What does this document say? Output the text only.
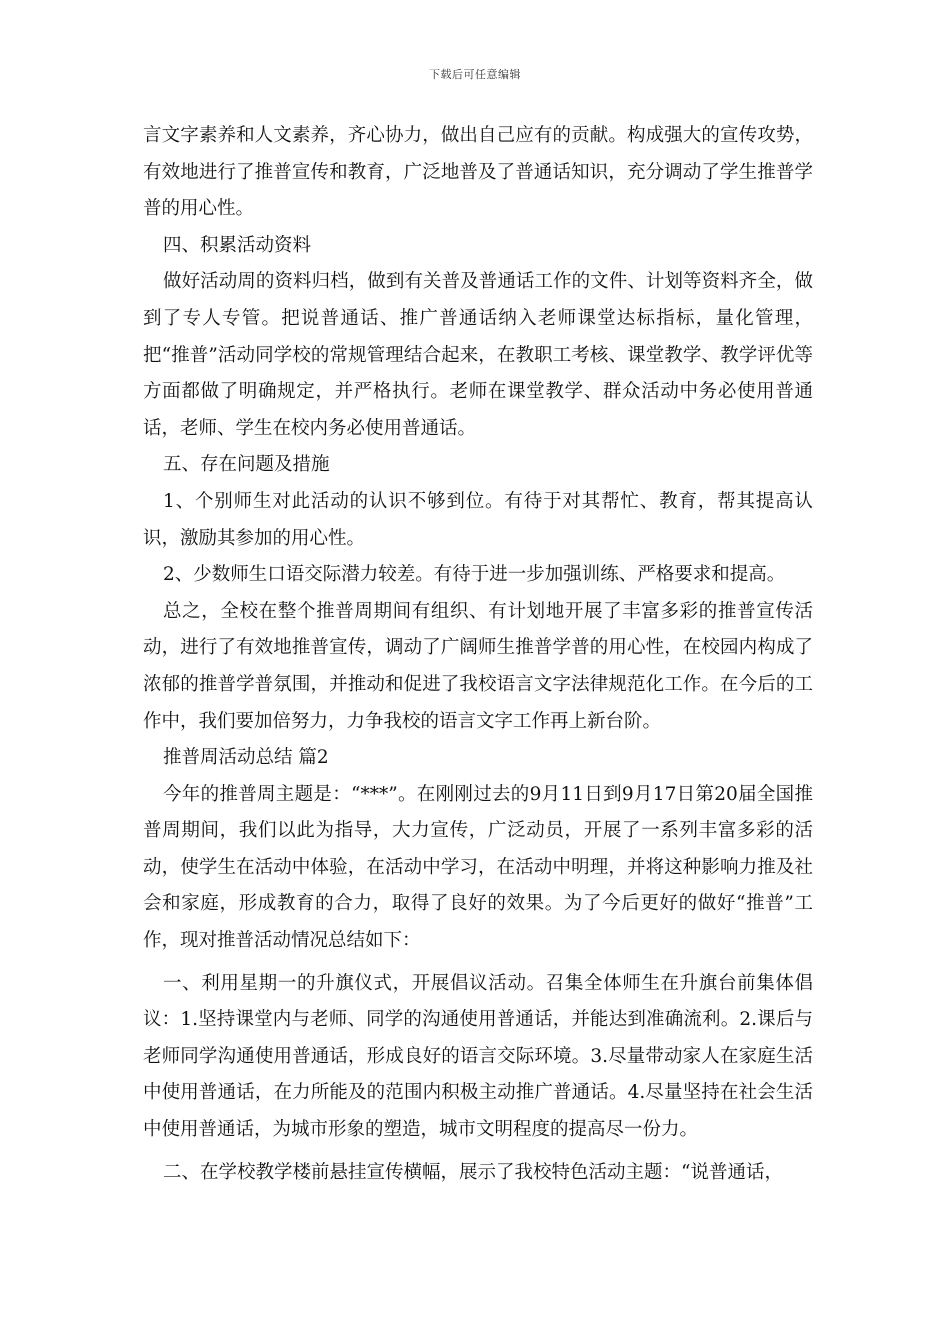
下载后可任意编辑

言文字素养和人文素养，齐心协力，做出自己应有的贡献。构成强大的宣传攻势，有效地进行了推普宣传和教育，广泛地普及了普通话知识，充分调动了学生推普学普的用心性。

四、积累活动资料

做好活动周的资料归档，做到有关普及普通话工作的文件、计划等资料齐全，做到了专人专管。把说普通话、推广普通话纳入老师课堂达标指标，量化管理，把“推普”活动同学校的常规管理结合起来，在教职工考核、课堂教学、教学评优等方面都做了明确规定，并严格执行。老师在课堂教学、群众活动中务必使用普通话，老师、学生在校内务必使用普通话。

五、存在问题及措施

1、个别师生对此活动的认识不够到位。有待于对其帮忙、教育，帮其提高认识，激励其参加的用心性。

2、少数师生口语交际潜力较差。有待于进一步加强训练、严格要求和提高。

总之，全校在整个推普周期间有组织、有计划地开展了丰富多彩的推普宣传活动，进行了有效地推普宣传，调动了广阔师生推普学普的用心性，在校园内构成了浓郁的推普学普氛围，并推动和促进了我校语言文字法律规范化工作。在今后的工作中，我们要加倍努力，力争我校的语言文字工作再上新台阶。

推普周活动总结 篇2

今年的推普周主题是：“***”。在刚刚过去的9月11日到9月17日第20届全国推普周期间，我们以此为指导，大力宣传，广泛动员，开展了一系列丰富多彩的活动，使学生在活动中体验，在活动中学习，在活动中明理，并将这种影响力推及社会和家庭，形成教育的合力，取得了良好的效果。为了今后更好的做好“推普”工作，现对推普活动情况总结如下：

一、利用星期一的升旗仪式，开展倡议活动。召集全体师生在升旗台前集体倡议：1.坚持课堂内与老师、同学的沟通使用普通话，并能达到准确流利。2.课后与老师同学沟通使用普通话，形成良好的语言交际环境。3.尽量带动家人在家庭生活中使用普通话，在力所能及的范围内积极主动推广普通话。4.尽量坚持在社会生活中使用普通话，为城市形象的塑造，城市文明程度的提高尽一份力。

二、在学校教学楼前悬挂宣传横幅，展示了我校特色活动主题：“说普通话，
